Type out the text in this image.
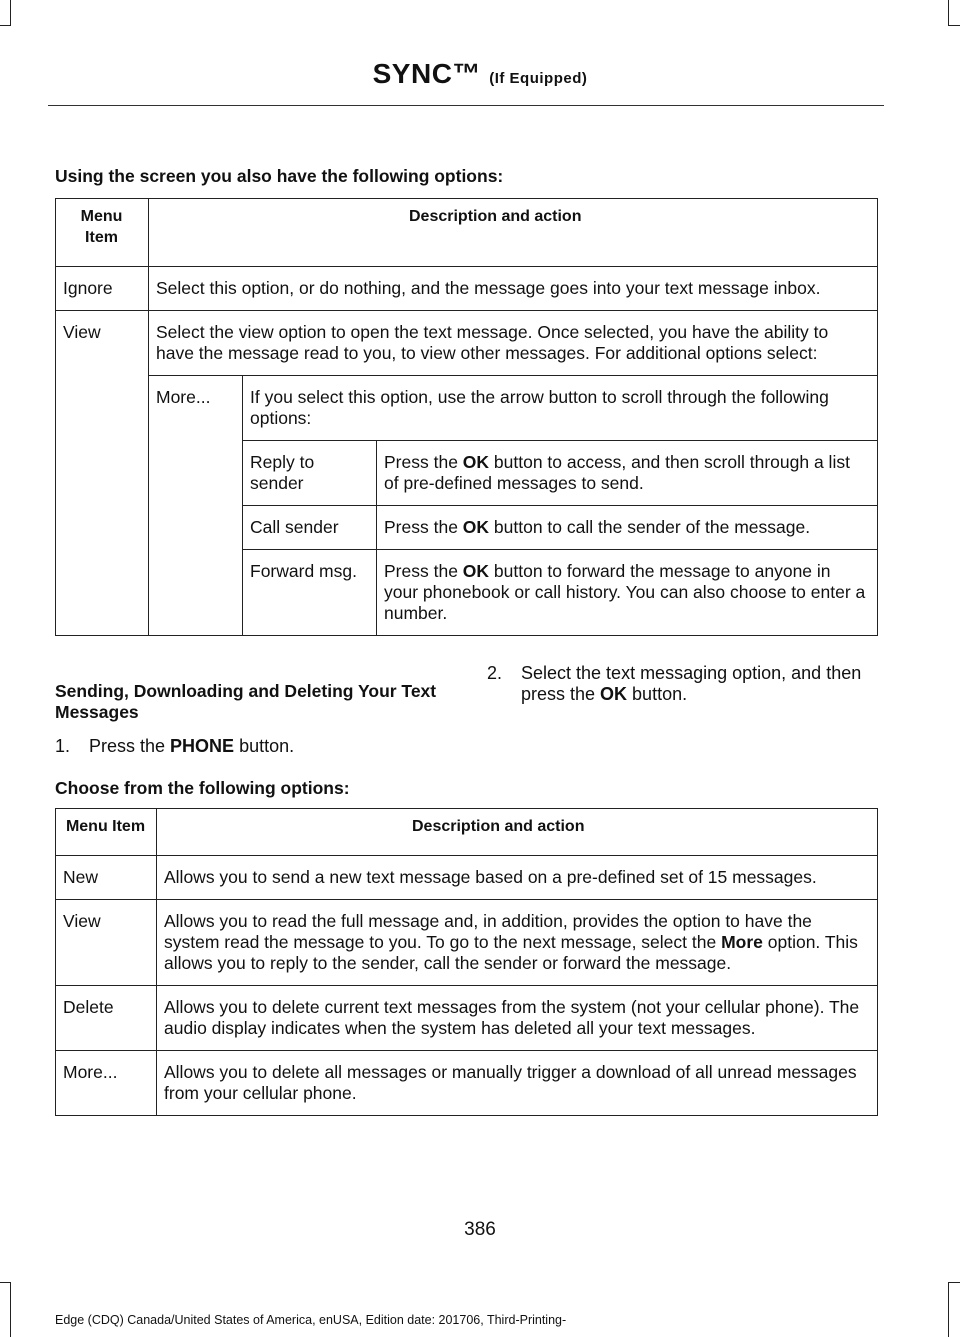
SYNC™ (If Equipped)
Using the screen you also have the following options:
Menu Item	Description and action		
Ignore	Select this option, or do nothing, and the message goes into your text message inbox.		
View	Select the view option to open the text message. Once selected, you have the ability to have the message read to you, to view other messages. For additional options select:		
	More...	If you select this option, use the arrow button to scroll through the following options:	
		Reply to sender	Press the OK button to access, and then scroll through a list of pre-defined messages to send.
		Call sender	Press the OK button to call the sender of the message.
		Forward msg.	Press the OK button to forward the message to anyone in your phonebook or call history. You can also choose to enter a number.
Sending, Downloading and Deleting Your Text Messages
1. Press the PHONE button.
2.	Select the text messaging option, and then press the OK button.
Choose from the following options:
Menu Item	Description and action
New	Allows you to send a new text message based on a pre-defined set of 15 messages.
View	Allows you to read the full message and, in addition, provides the option to have the system read the message to you. To go to the next message, select the More option. This allows you to reply to the sender, call the sender or forward the message.
Delete	Allows you to delete current text messages from the system (not your cellular phone). The audio display indicates when the system has deleted all your text messages.
More...	Allows you to delete all messages or manually trigger a download of all unread messages from your cellular phone.
386
Edge (CDQ) Canada/United States of America, enUSA, Edition date: 201706, Third-Printing-
